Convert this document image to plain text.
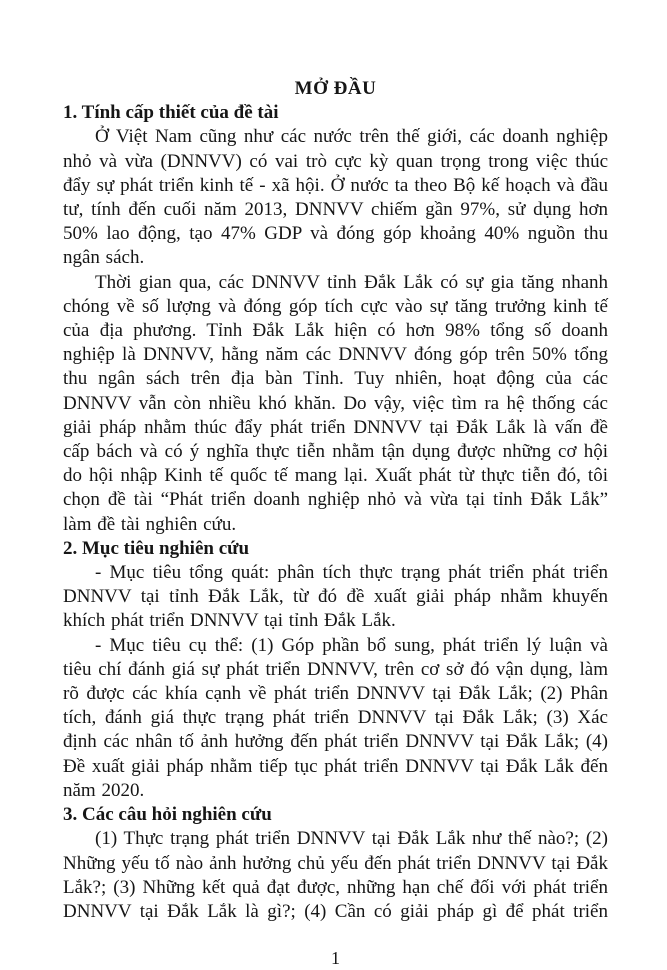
MỞ ĐẦU
1. Tính cấp thiết của đề tài

Ở Việt Nam cũng như các nước trên thế giới, các doanh nghiệp nhỏ và vừa (DNNVV) có vai trò cực kỳ quan trọng trong việc thúc đẩy sự phát triển kinh tế - xã hội. Ở nước ta theo Bộ kế hoạch và đầu tư, tính đến cuối năm 2013, DNNVV chiếm gần 97%, sử dụng hơn 50% lao động, tạo 47% GDP và đóng góp khoảng 40% nguồn thu ngân sách.

Thời gian qua, các DNNVV tỉnh Đắk Lắk có sự gia tăng nhanh chóng về số lượng và đóng góp tích cực vào sự tăng trưởng kinh tế của địa phương. Tỉnh Đắk Lắk hiện có hơn 98% tổng số doanh nghiệp là DNNVV, hằng năm các DNNVV đóng góp trên 50% tổng thu ngân sách trên địa bàn Tỉnh. Tuy nhiên, hoạt động của các DNNVV vẫn còn nhiều khó khăn. Do vậy, việc tìm ra hệ thống các giải pháp nhằm thúc đẩy phát triển DNNVV tại Đắk Lắk là vấn đề cấp bách và có ý nghĩa thực tiễn nhằm tận dụng được những cơ hội do hội nhập Kinh tế quốc tế mang lại. Xuất phát từ thực tiễn đó, tôi chọn đề tài “Phát triển doanh nghiệp nhỏ và vừa tại tỉnh Đắk Lắk” làm đề tài nghiên cứu.

2. Mục tiêu nghiên cứu

- Mục tiêu tổng quát: phân tích thực trạng phát triển phát triển DNNVV tại tỉnh Đắk Lắk, từ đó đề xuất giải pháp nhằm khuyến khích phát triển DNNVV tại tỉnh Đắk Lắk.

- Mục tiêu cụ thể: (1) Góp phần bổ sung, phát triển lý luận và tiêu chí đánh giá sự phát triển DNNVV, trên cơ sở đó vận dụng, làm rõ được các khía cạnh về phát triển DNNVV tại Đắk Lắk; (2) Phân tích, đánh giá thực trạng phát triển DNNVV tại Đắk Lắk; (3) Xác định các nhân tố ảnh hưởng đến phát triển DNNVV tại Đắk Lắk; (4) Đề xuất giải pháp nhằm tiếp tục phát triển DNNVV tại Đắk Lắk đến năm 2020.

3. Các câu hỏi nghiên cứu

(1) Thực trạng phát triển DNNVV tại Đắk Lắk như thế nào?; (2) Những yếu tố nào ảnh hưởng chủ yếu đến phát triển DNNVV tại Đắk Lắk?; (3) Những kết quả đạt được, những hạn chế đối với phát triển DNNVV tại Đắk Lắk là gì?; (4) Cần có giải pháp gì để phát triển

1
